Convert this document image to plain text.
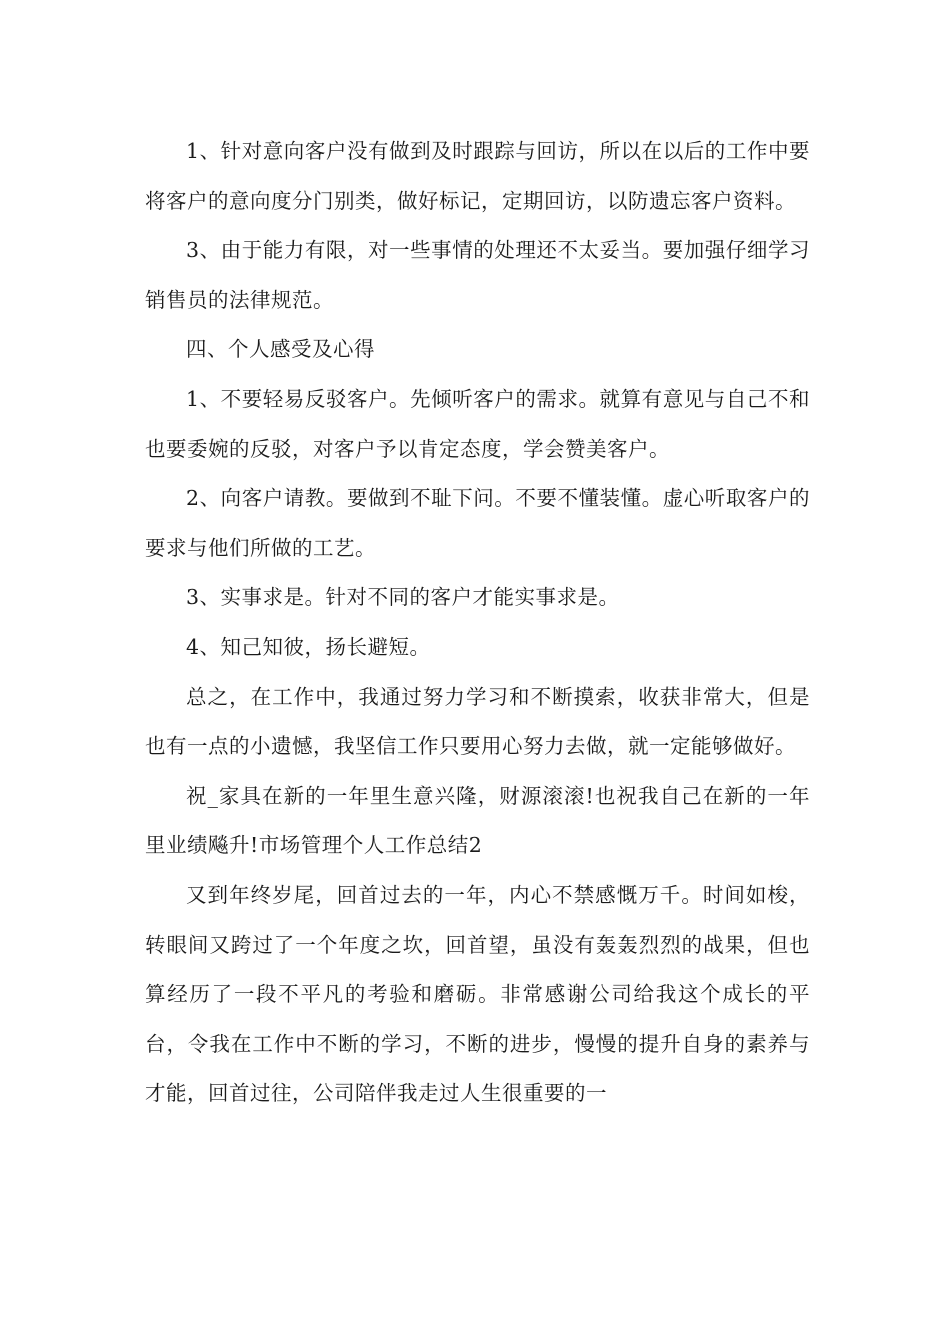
1、针对意向客户没有做到及时跟踪与回访，所以在以后的工作中要将客户的意向度分门别类，做好标记，定期回访，以防遗忘客户资料。

3、由于能力有限，对一些事情的处理还不太妥当。要加强仔细学习销售员的法律规范。

四、个人感受及心得

1、不要轻易反驳客户。先倾听客户的需求。就算有意见与自己不和也要委婉的反驳，对客户予以肯定态度，学会赞美客户。

2、向客户请教。要做到不耻下问。不要不懂装懂。虚心听取客户的要求与他们所做的工艺。

3、实事求是。针对不同的客户才能实事求是。

4、知己知彼，扬长避短。

总之，在工作中，我通过努力学习和不断摸索，收获非常大，但是也有一点的小遗憾，我坚信工作只要用心努力去做，就一定能够做好。

祝_家具在新的一年里生意兴隆，财源滚滚!也祝我自己在新的一年里业绩飚升!市场管理个人工作总结2

又到年终岁尾，回首过去的一年，内心不禁感慨万千。时间如梭，转眼间又跨过了一个年度之坎，回首望，虽没有轰轰烈烈的战果，但也算经历了一段不平凡的考验和磨砺。非常感谢公司给我这个成长的平台，令我在工作中不断的学习，不断的进步，慢慢的提升自身的素养与才能，回首过往，公司陪伴我走过人生很重要的一
